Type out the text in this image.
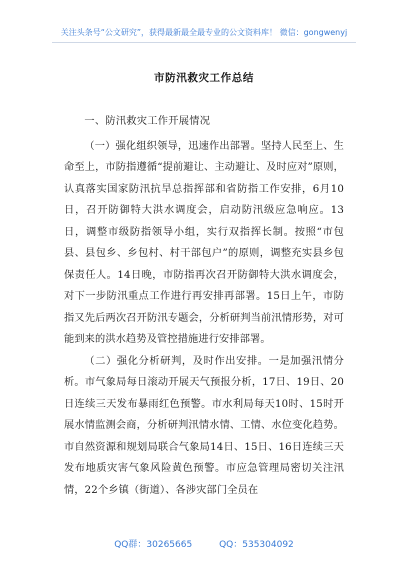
关注头条号“公文研究”，获得最新最全最专业的公文资料库！ 微信：gongwenyj
市防汛救灾工作总结
一、防汛救灾工作开展情况

（一）强化组织领导，迅速作出部署。坚持人民至上、生命至上，市防指遵循“提前避让、主动避让、及时应对”原则，认真落实国家防汛抗旱总指挥部和省防指工作安排，6月10日，召开防御特大洪水调度会，启动防汛级应急响应。13日，调整市级防指领导小组，实行双指挥长制。按照“市包县、县包乡、乡包村、村干部包户”的原则，调整充实县乡包保责任人。14日晚，市防指再次召开防御特大洪水调度会，对下一步防汛重点工作进行再安排再部署。15日上午，市防指又先后两次召开防汛专题会，分析研判当前汛情形势，对可能到来的洪水趋势及管控措施进行安排部署。

（二）强化分析研判，及时作出安排。一是加强汛情分析。市气象局每日滚动开展天气预报分析，17日、19日、20日连续三天发布暴雨红色预警。市水利局每天10时、15时开展水情监测会商，分析研判汛情水情、工情、水位变化趋势。市自然资源和规划局联合气象局14日、15日、16日连续三天发布地质灾害气象风险黄色预警。市应急管理局密切关注汛情，22个乡镇（街道）、各涉灾部门全员在

QQ群：30265665	QQ：535304092
